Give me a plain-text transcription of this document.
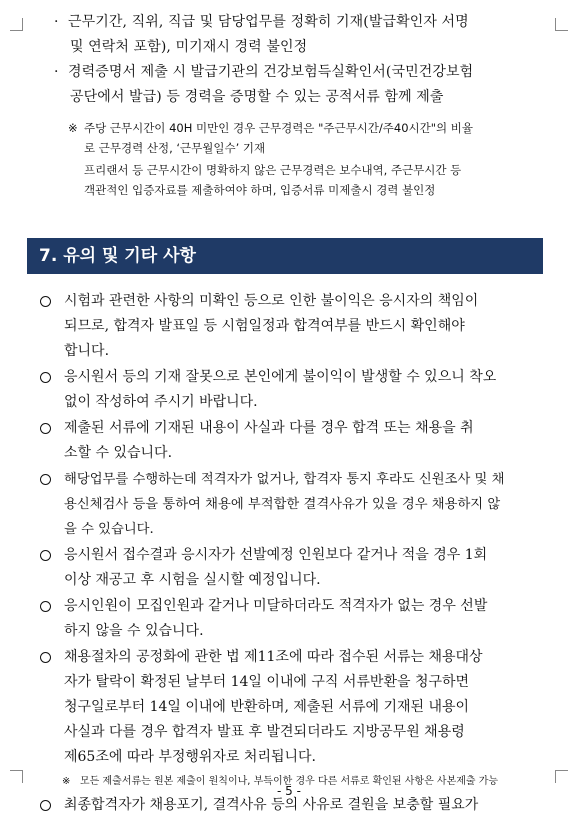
· 근무기간, 직위, 직급 및 담당업무를 정확히 기재(발급확인자 서명
및 연락처 포함), 미기재시 경력 불인정
· 경력증명서 제출 시 발급기관의 건강보험득실확인서(국민건강보험
공단에서 발급) 등 경력을 증명할 수 있는 공적서류 함께 제출
※ 주당 근무시간이 40H 미만인 경우 근무경력은 "주근무시간/주40시간"의 비율
로 근무경력 산정, ‘근무월일수’ 기재
프리랜서 등 근무시간이 명확하지 않은 근무경력은 보수내역, 주근무시간 등
객관적인 입증자료를 제출하여야 하며, 입증서류 미제출시 경력 불인정
7. 유의 및 기타 사항
시험과 관련한 사항의 미확인 등으로 인한 불이익은 응시자의 책임이
되므로, 합격자 발표일 등 시험일정과 합격여부를 반드시 확인해야
합니다.
응시원서 등의 기재 잘못으로 본인에게 불이익이 발생할 수 있으니 착오
없이 작성하여 주시기 바랍니다.
제출된 서류에 기재된 내용이 사실과 다를 경우 합격 또는 채용을 취
소할 수 있습니다.
해당업무를 수행하는데 적격자가 없거나, 합격자 통지 후라도 신원조사 및 채
용신체검사 등을 통하여 채용에 부적합한 결격사유가 있을 경우 채용하지 않
을 수 있습니다.
응시원서 접수결과 응시자가 선발예정 인원보다 같거나 적을 경우 1회
이상 재공고 후 시험을 실시할 예정입니다.
응시인원이 모집인원과 같거나 미달하더라도 적격자가 없는 경우 선발
하지 않을 수 있습니다.
채용절차의 공정화에 관한 법 제11조에 따라 접수된 서류는 채용대상
자가 탈락이 확정된 날부터 14일 이내에 구직 서류반환을 청구하면
청구일로부터 14일 이내에 반환하며, 제출된 서류에 기재된 내용이
사실과 다를 경우 합격자 발표 후 발견되더라도 지방공무원 채용령
제65조에 따라 부정행위자로 처리됩니다.
※ 모든 제출서류는 원본 제출이 원칙이나, 부득이한 경우 다른 서류로 확인된 사항은 사본제출 가능
최종합격자가 채용포기, 결격사유 등의 사유로 결원을 보충할 필요가
- 5 -
